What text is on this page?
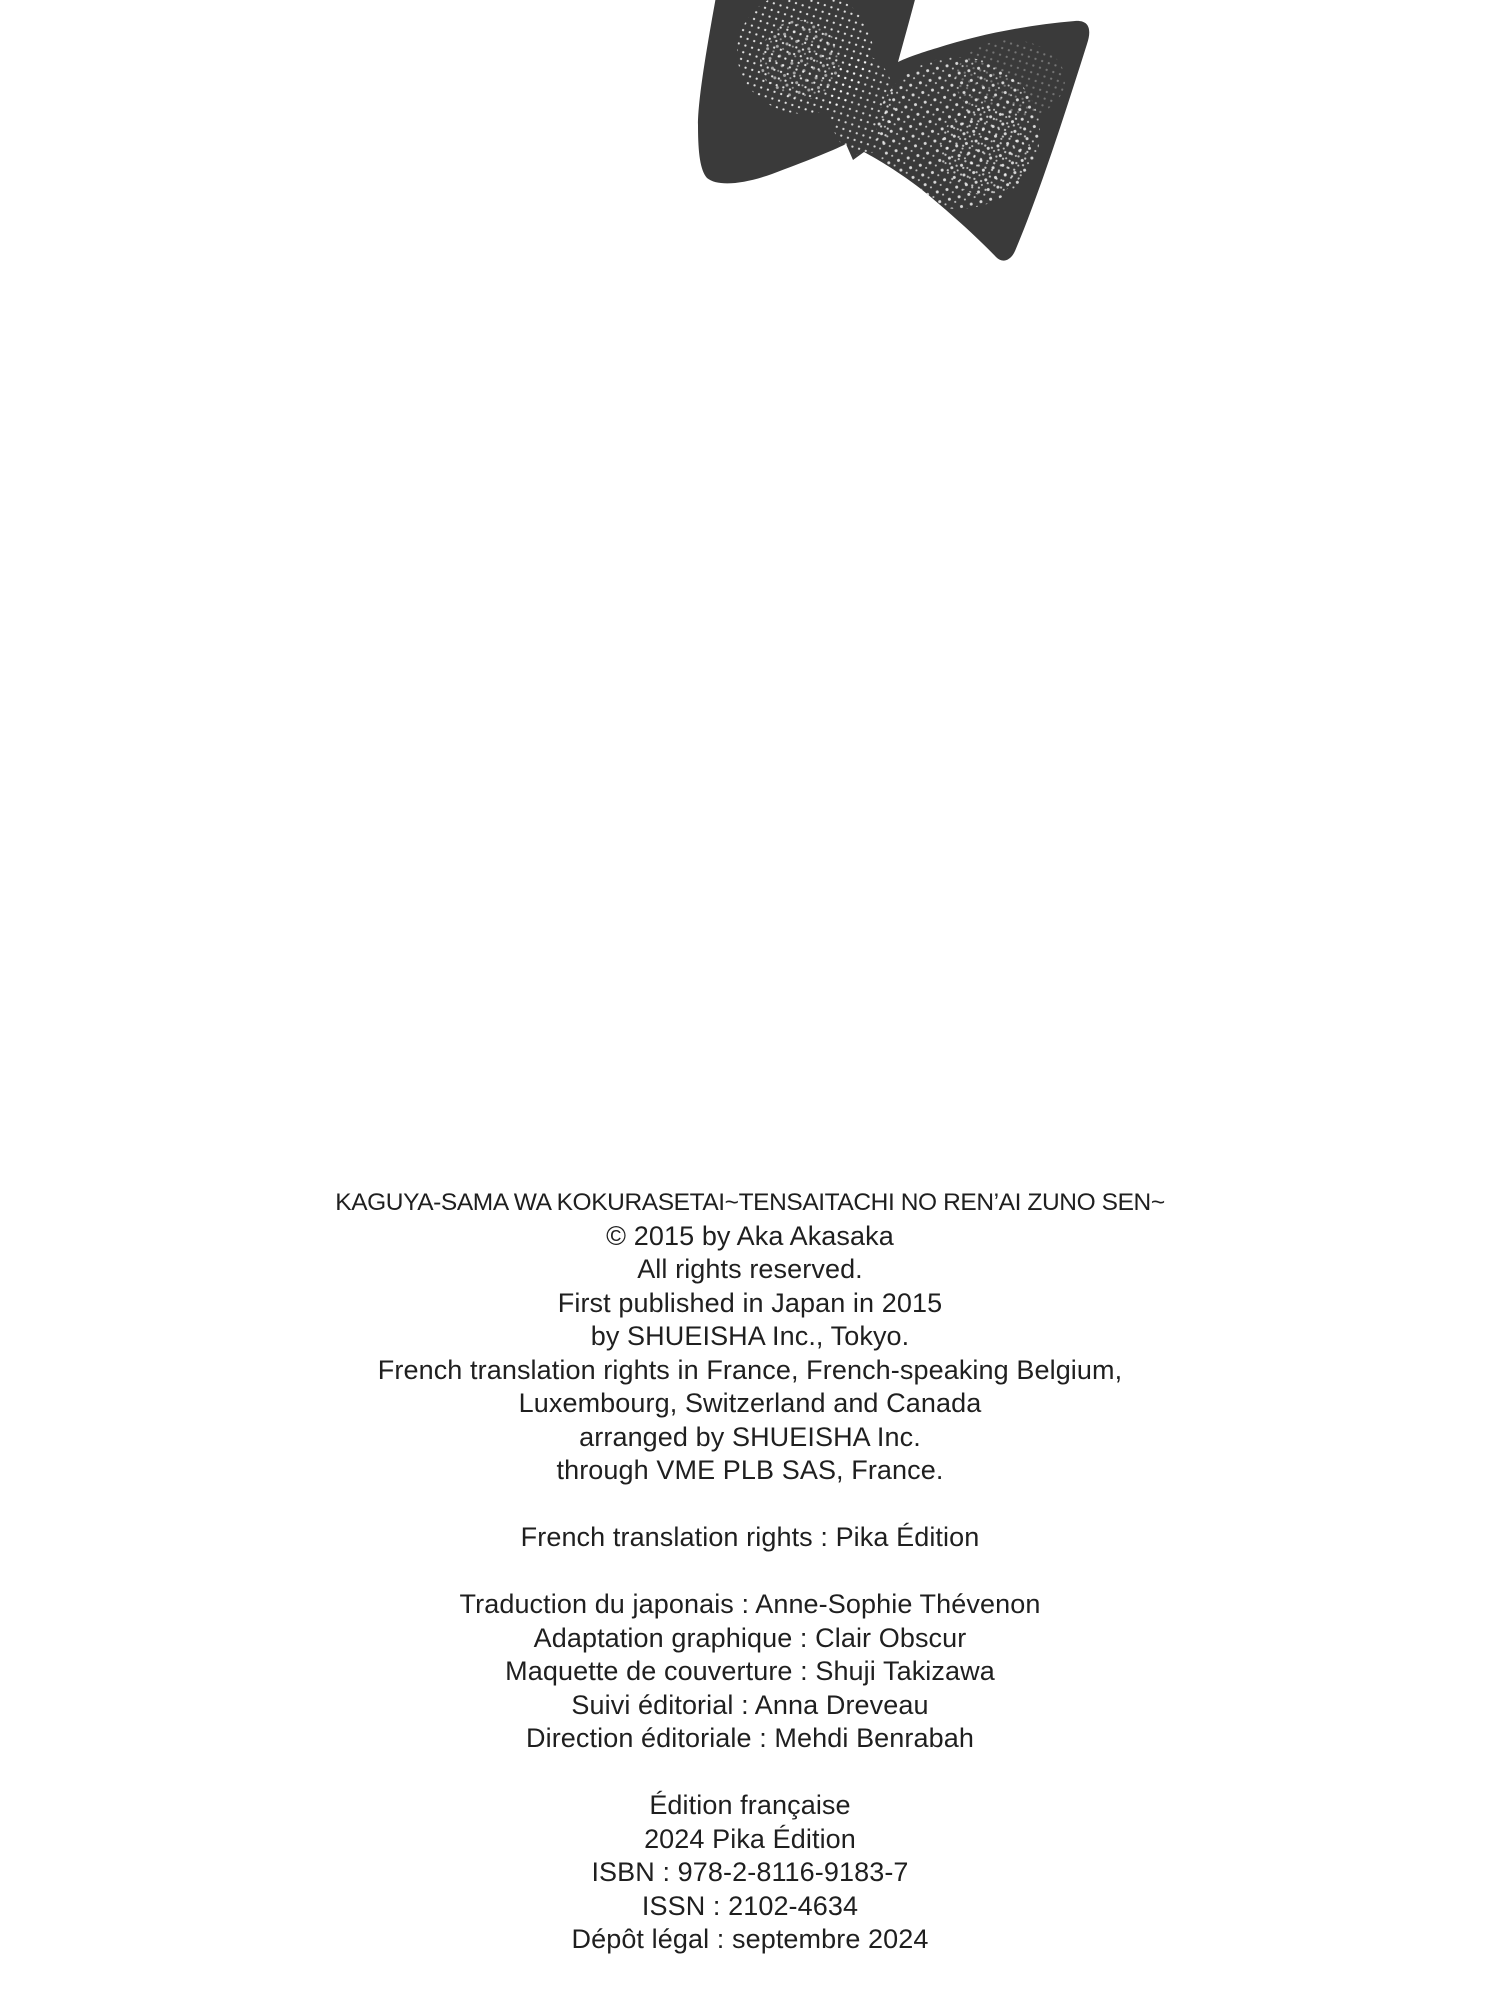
KAGUYA-SAMA WA KOKURASETAI~TENSAITACHI NO REN’AI ZUNO SEN~
© 2015 by Aka Akasaka
All rights reserved.
First published in Japan in 2015
by SHUEISHA Inc., Tokyo.
French translation rights in France, French-speaking Belgium,
Luxembourg, Switzerland and Canada
arranged by SHUEISHA Inc.
through VME PLB SAS, France.
French translation rights : Pika Édition
Traduction du japonais : Anne-Sophie Thévenon
Adaptation graphique : Clair Obscur
Maquette de couverture : Shuji Takizawa
Suivi éditorial : Anna Dreveau
Direction éditoriale : Mehdi Benrabah
Édition française
2024 Pika Édition
ISBN : 978-2-8116-9183-7
ISSN : 2102-4634
Dépôt légal : septembre 2024
